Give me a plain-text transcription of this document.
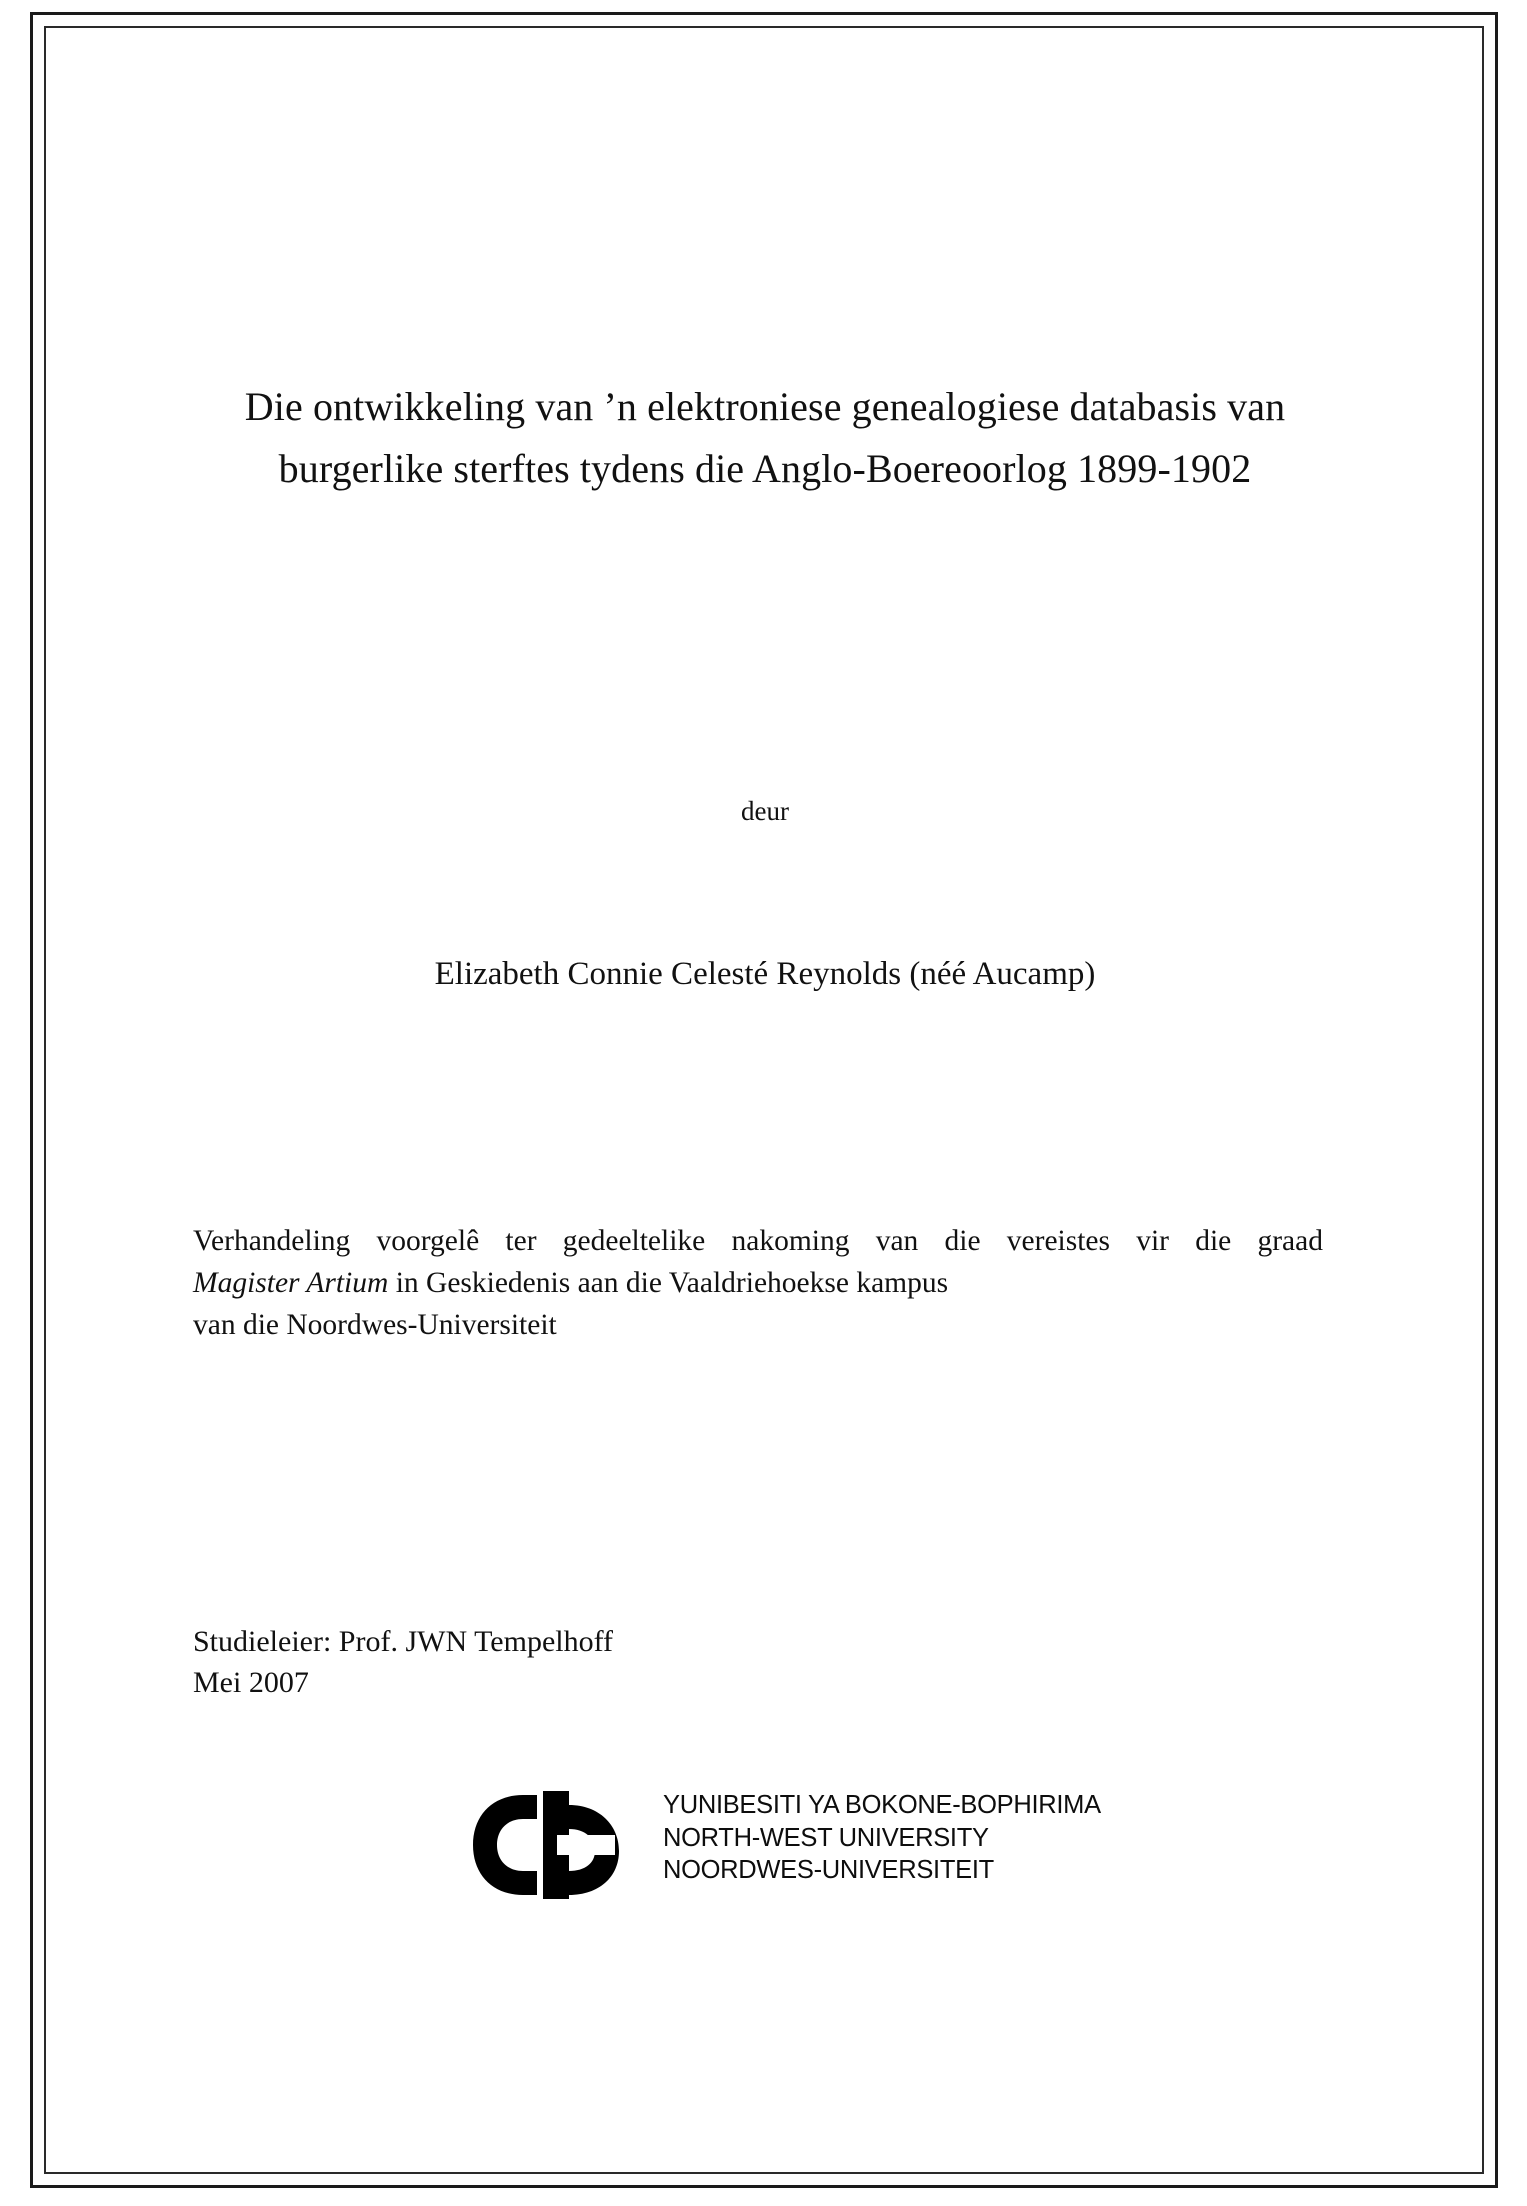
Die ontwikkeling van ’n elektroniese genealogiese databasis van
burgerlike sterftes tydens die Anglo-Boereoorlog 1899-1902
deur
Elizabeth Connie Celesté Reynolds (néé Aucamp)
Verhandeling voorgelê ter gedeeltelike nakoming van die vereistes vir die graad
Magister Artium in Geskiedenis aan die Vaaldriehoekse kampus
van die Noordwes-Universiteit
Studieleier: Prof. JWN Tempelhoff
Mei 2007
YUNIBESITI YA BOKONE-BOPHIRIMA
NORTH-WEST UNIVERSITY
NOORDWES-UNIVERSITEIT
